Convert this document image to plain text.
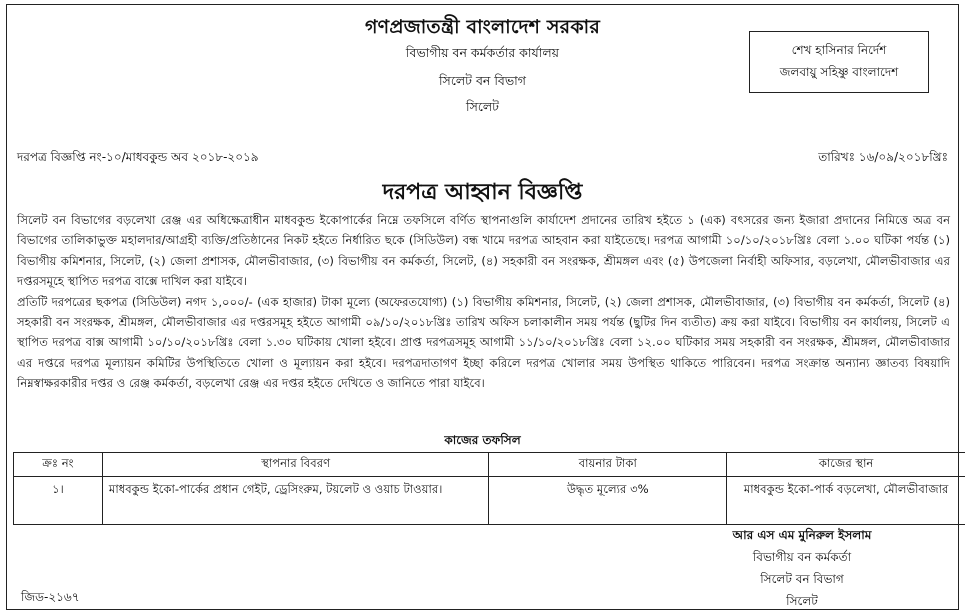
গণপ্রজাতন্ত্রী বাংলাদেশ সরকার
বিভাগীয় বন কর্মকর্তার কার্যালয়
সিলেট বন বিভাগ
সিলেট
শেখ হাসিনার নির্দেশ
জলবায়ু সহিষ্ণু বাংলাদেশ
দরপত্র বিজ্ঞপ্তি নং-১০/মাধবকুন্ড অব ২০১৮-২০১৯	তারিখঃ ১৬/০৯/২০১৮খ্রিঃ
দরপত্র আহ্বান বিজ্ঞপ্তি

সিলেট বন বিভাগের বড়লেখা রেঞ্জ এর অধিক্ষেত্রাধীন মাধবকুন্ড ইকোপার্কের নিম্নে তফসিলে বর্ণিত স্থাপনাগুলি কার্যাদেশ প্রদানের তারিখ হইতে ১ (এক) বৎসরের জন্য ইজারা প্রদানের নিমিত্তে অত্র বন বিভাগের তালিকাভুক্ত মহালদার/আগ্রহী ব্যক্তি/প্রতিষ্ঠানের নিকট হইতে নির্ধারিত ছকে (সিডিউল) বন্ধ খামে দরপত্র আহবান করা যাইতেছে। দরপত্র আগামী ১০/১০/২০১৮খ্রিঃ বেলা ১.০০ ঘটিকা পর্যন্ত (১) বিভাগীয় কমিশনার, সিলেট, (২) জেলা প্রশাসক, মৌলভীবাজার, (৩) বিভাগীয় বন কর্মকর্তা, সিলেট, (৪) সহকারী বন সংরক্ষক, শ্রীমঙ্গল এবং (৫) উপজেলা নির্বাহী অফিসার, বড়লেখা, মৌলভীবাজার এর দপ্তরসমূহে স্থাপিত দরপত্র বাক্সে দাখিল করা যাইবে।

প্রতিটি দরপত্রের ছকপত্র (সিডিউল) নগদ ১,০০০/- (এক হাজার) টাকা মূল্যে (অফেরতযোগ্য) (১) বিভাগীয় কমিশনার, সিলেট, (২) জেলা প্রশাসক, মৌলভীবাজার, (৩) বিভাগীয় বন কর্মকর্তা, সিলেট (৪) সহকারী বন সংরক্ষক, শ্রীমঙ্গল, মৌলভীবাজার এর দপ্তরসমূহ হইতে আগামী ০৯/১০/২০১৮খ্রিঃ তারিখ অফিস চলাকালীন সময় পর্যন্ত (ছুটির দিন ব্যতীত) ক্রয় করা যাইবে। বিভাগীয় বন কার্যালয়, সিলেট এ স্থাপিত দরপত্র বাক্স আগামী ১০/১০/২০১৮খ্রিঃ বেলা ১.৩০ ঘটিকায় খোলা হইবে। প্রাপ্ত দরপত্রসমূহ আগামী ১১/১০/২০১৮খ্রিঃ বেলা ১২.০০ ঘটিকার সময় সহকারী বন সংরক্ষক, শ্রীমঙ্গল, মৌলভীবাজার এর দপ্তরে দরপত্র মূল্যায়ন কমিটির উপস্থিতিতে খোলা ও মূল্যায়ন করা হইবে। দরপত্রদাতাগণ ইচ্ছা করিলে দরপত্র খোলার সময় উপস্থিত থাকিতে পারিবেন। দরপত্র সংক্রান্ত অন্যান্য জ্ঞাতব্য বিষয়াদি নিম্নস্বাক্ষরকারীর দপ্তর ও রেঞ্জ কর্মকর্তা, বড়লেখা রেঞ্জ এর দপ্তর হইতে দেখিতে ও জানিতে পারা যাইবে।

কাজের তফসিল
ক্রঃ নং	স্থাপনার বিবরণ	বায়নার টাকা	কাজের স্থান
১।	মাধবকুন্ড ইকো-পার্কের প্রধান গেইট, ড্রেসিংরুম, টয়লেট ও ওয়াচ টাওয়ার।	উদ্ধৃত মূল্যের ৩%	মাধবকুন্ড ইকো-পার্ক বড়লেখা, মৌলভীবাজার
আর এস এম মুনিরুল ইসলাম
বিভাগীয় বন কর্মকর্তা
সিলেট বন বিভাগ
সিলেট
জিড-২১৬৭
